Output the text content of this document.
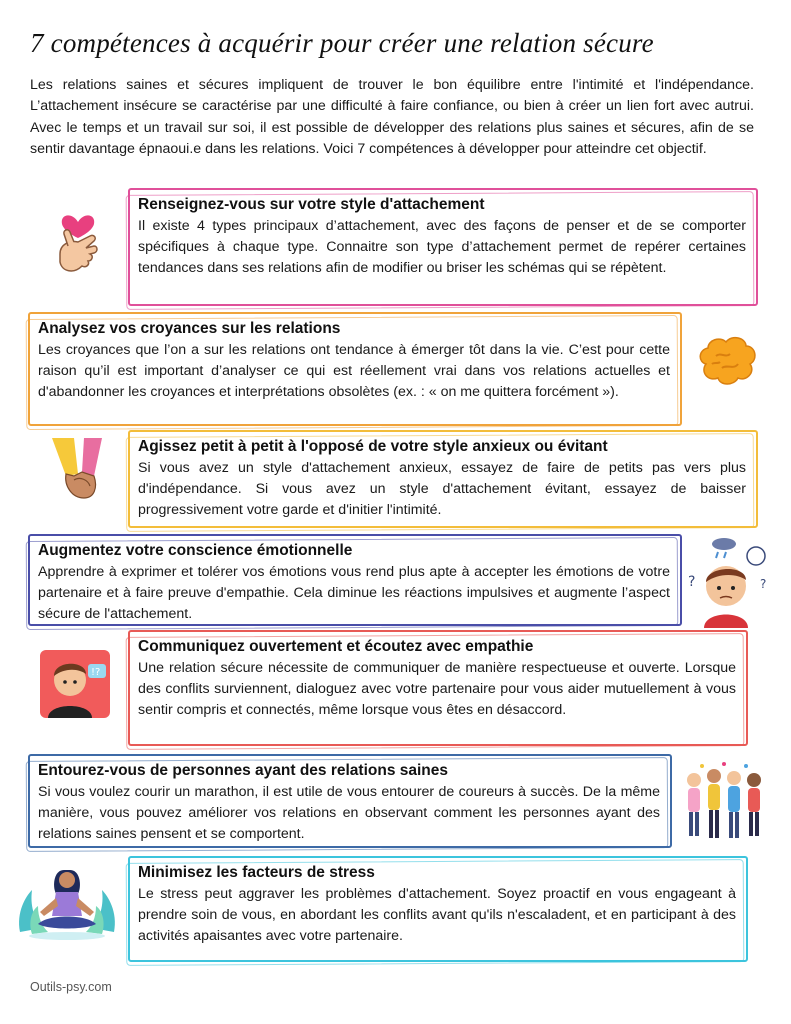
7 compétences à acquérir pour créer une relation sécure
Les relations saines et sécures impliquent de trouver le bon équilibre entre l'intimité et l'indépendance. L’attachement insécure se caractérise par une difficulté à faire confiance, ou bien à créer un lien fort avec autrui. Avec le temps et un travail sur soi, il est possible de développer des relations plus saines et sécures, afin de se sentir davantage épnaoui.e dans les relations. Voici 7 compétences à développer pour atteindre cet objectif.
Renseignez-vous sur votre style d'attachement

Il existe 4 types principaux d’attachement, avec des façons de penser et de se comporter spécifiques à chaque type. Connaitre son type d’attachement permet de repérer certaines tendances dans ses relations afin de modifier ou briser les schémas qui se répètent.

Analysez vos croyances sur les relations

Les croyances que l’on a sur les relations ont tendance à émerger tôt dans la vie. C’est pour cette raison qu’il est important d’analyser ce qui est réellement vrai dans vos relations actuelles et d'abandonner les croyances et interprétations obsolètes (ex. : « on me quittera forcément »).

Agissez petit à petit à l'opposé de votre style anxieux ou évitant

Si vous avez un style d'attachement anxieux, essayez de faire de petits pas vers plus d'indépendance. Si vous avez un style d'attachement évitant, essayez de baisser progressivement votre garde et d'initier l'intimité.

Augmentez votre conscience émotionnelle

Apprendre à exprimer et tolérer vos émotions vous rend plus apte à accepter les émotions de votre partenaire et à faire preuve d'empathie. Cela diminue les réactions impulsives et augmente l’aspect sécure de l'attachement.

?	?
!?
Communiquez ouvertement et écoutez avec empathie

Une relation sécure nécessite de communiquer de manière respectueuse et ouverte. Lorsque des conflits surviennent, dialoguez avec votre partenaire pour vous aider mutuellement à vous sentir compris et connectés, même lorsque vous êtes en désaccord.

Entourez-vous de personnes ayant des relations saines

Si vous voulez courir un marathon, il est utile de vous entourer de coureurs à succès. De la même manière, vous pouvez améliorer vos relations en observant comment les personnes ayant des relations saines pensent et se comportent.

Minimisez les facteurs de stress

Le stress peut aggraver les problèmes d'attachement. Soyez proactif en vous engageant à prendre soin de vous, en abordant les conflits avant qu'ils n'escaladent, et en participant à des activités apaisantes avec votre partenaire.

Outils-psy.com
